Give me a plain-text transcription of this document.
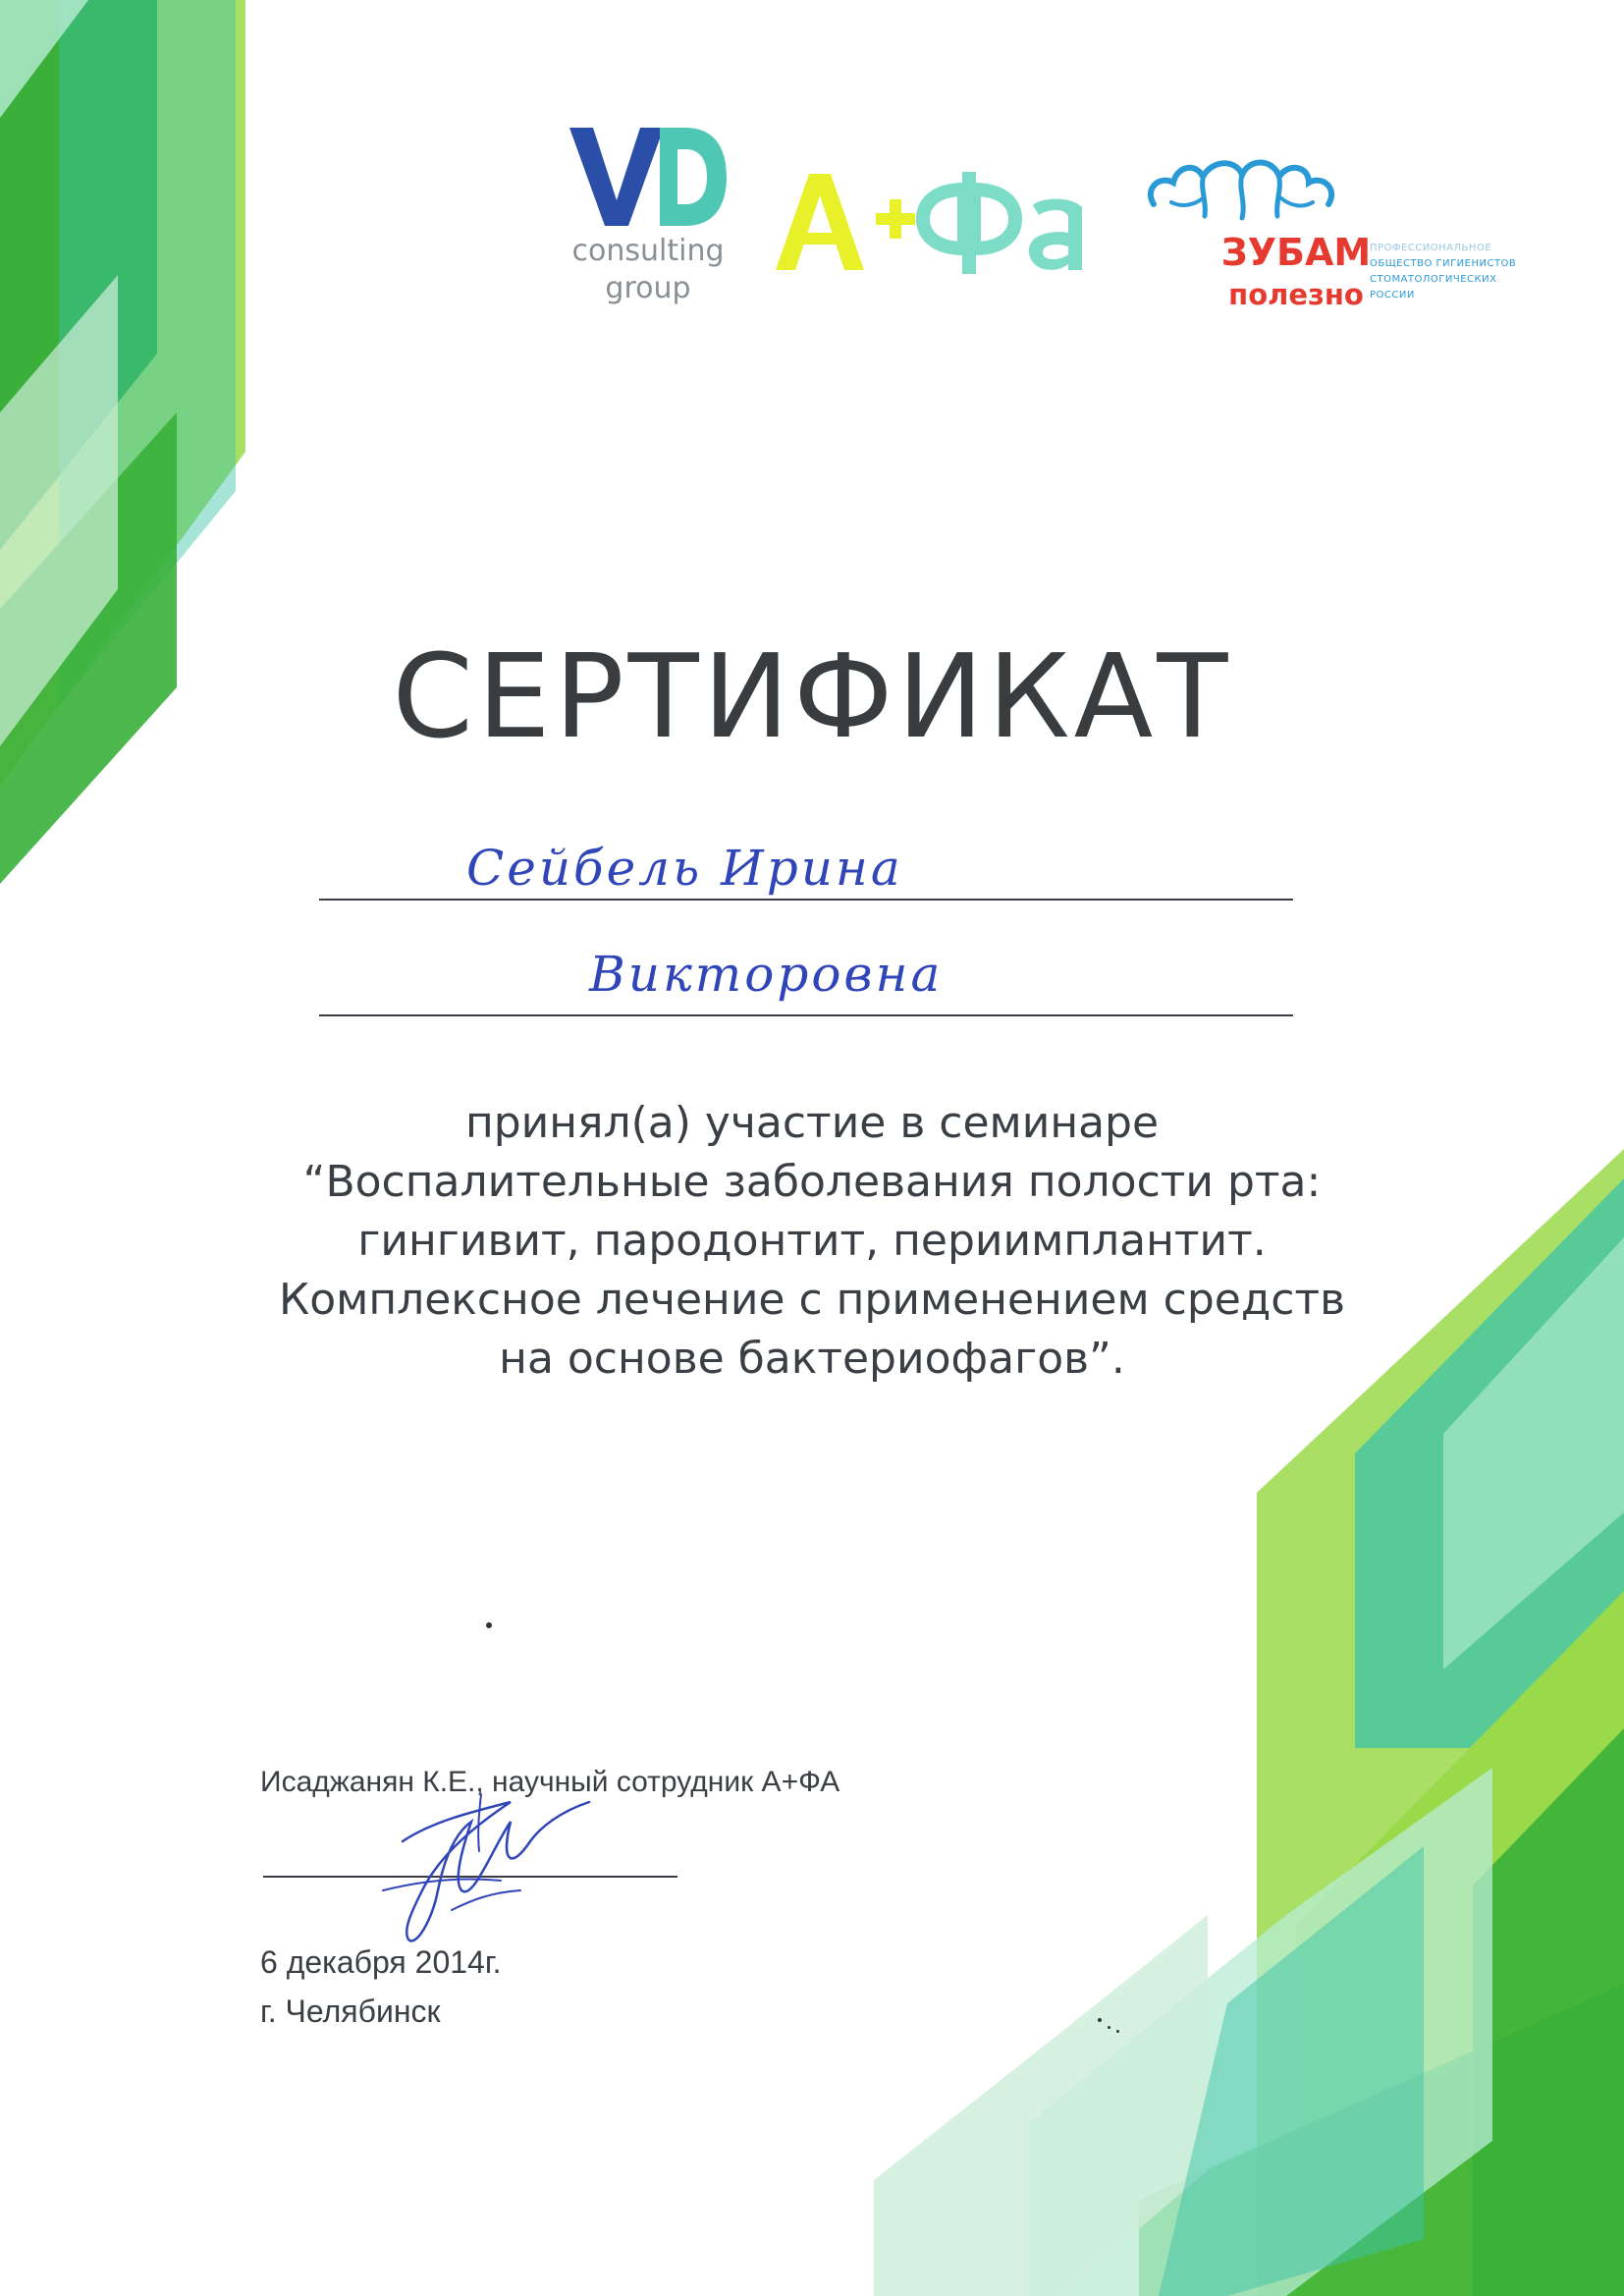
consulting
group
ЗУБАМ
полезно
ПРОФЕССИОНАЛЬНОЕ
ОБЩЕСТВО ГИГИЕНИСТОВ
СТОМАТОЛОГИЧЕСКИХ
РОССИИ
СЕРТИФИКАТ
Сейбель Ирина
Викторовна
принял(а) участие в семинаре
“Воспалительные заболевания полости рта:
гингивит, пародонтит, периимплантит.
Комплексное лечение с применением средств
на основе бактериофагов”.
Исаджанян К.Е., научный сотрудник А+ФА
6 декабря 2014г.
г. Челябинск
